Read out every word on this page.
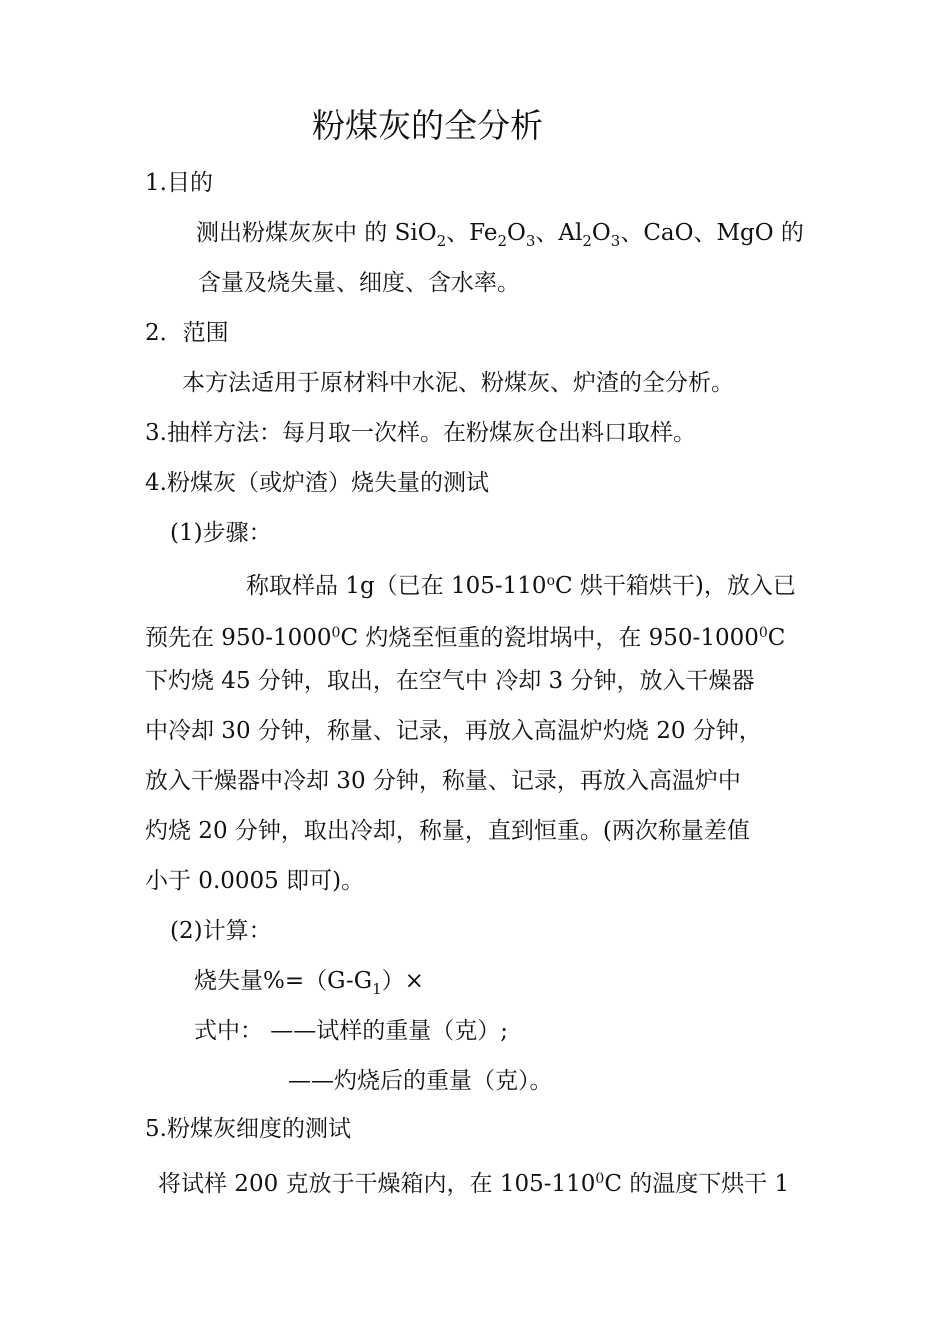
粉煤灰的全分析
1.目的
测出粉煤灰灰中 的 SiO$_2$、$Fe_2O_3$、$Al_2O_3$、CaO、MgO 的
含量及烧失量、细度、含水率。
2．范围
本方法适用于原材料中水泥、粉煤灰、炉渣的全分析。
3.抽样方法：每月取一次样。在粉煤灰仓出料口取样。
4.粉煤灰（或炉渣）烧失量的测试
(1)步骤：
称取样品 1g（已在 105-110$^o$C 烘干箱烘干)，放入已
预先在 950-1000$^0$C 灼烧至恒重的瓷坩埚中，在 950-1000$^0$C
下灼烧 45 分钟，取出，在空气中 冷却 3 分钟，放入干燥器
中冷却 30 分钟，称量、记录，再放入高温炉灼烧 20 分钟，
放入干燥器中冷却 30 分钟，称量、记录，再放入高温炉中
灼烧 20 分钟，取出冷却，称量，直到恒重。(两次称量差值
小于 0.0005 即可)。
(2)计算：
烧失量$\%=(G-G_1)\times$
式中： ——试样的重量（克）;
——灼烧后的重量（克）。
5.粉煤灰细度的测试
将试样 200 克放于干燥箱内，在 $105-110^0C$ 的温度下烘干 1
